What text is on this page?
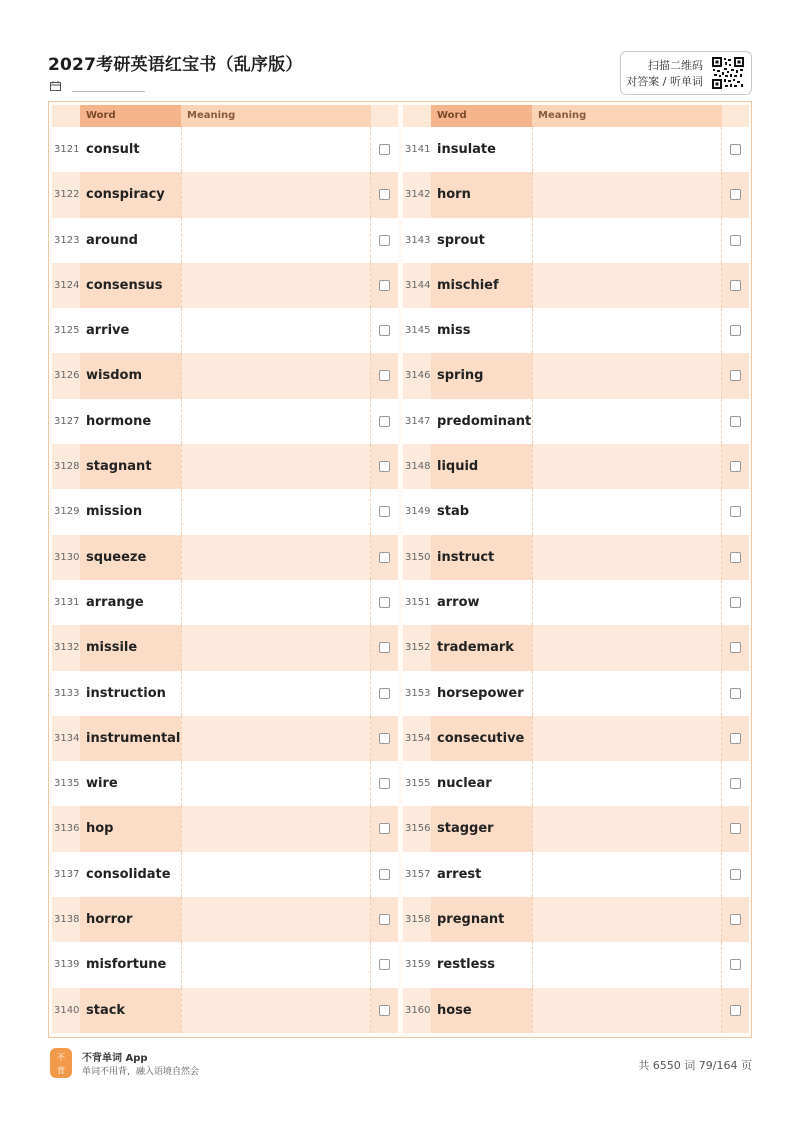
2027考研英语红宝书（乱序版）	扫描二维码
对答案 / 听单词
Word	Meaning
3121 consult
3122 conspiracy
3123 around
3124 consensus
3125 arrive
3126 wisdom
3127 hormone
3128 stagnant
3129 mission
3130 squeeze
3131 arrange
3132 missile
3133 instruction
3134 instrumental
3135 wire
3136 hop
3137 consolidate
3138 horror
3139 misfortune
3140 stack
Word	Meaning
3141 insulate
3142 horn
3143 sprout
3144 mischief
3145 miss
3146 spring
3147 predominant
3148 liquid
3149 stab
3150 instruct
3151 arrow
3152 trademark
3153 horsepower
3154 consecutive
3155 nuclear
3156 stagger
3157 arrest
3158 pregnant
3159 restless
3160 hose
不
背
不背单词 App
单词不用背，融入语境自然会	共 6550 词 79/164 页
